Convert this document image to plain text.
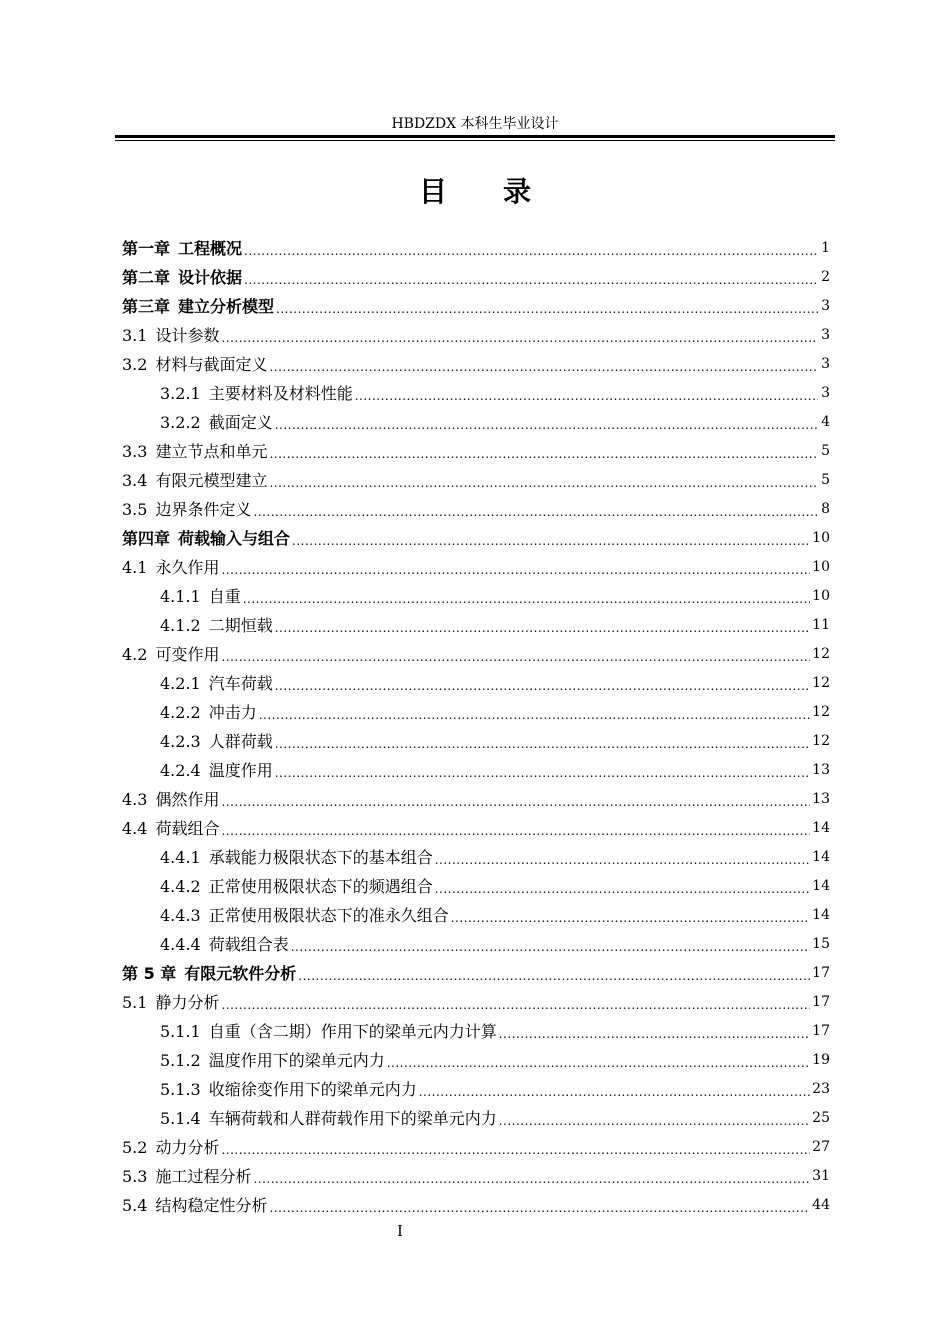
HBDZDX 本科生毕业设计
目 录
第一章 工程概况 .....	1
第二章 设计依据 .....	2
第三章 建立分析模型 .....	3
3.1 设计参数 .....	3
3.2 材料与截面定义 .....	3
3.2.1 主要材料及材料性能 .....	3
3.2.2 截面定义 .....	4
3.3 建立节点和单元 .....	5
3.4 有限元模型建立 .....	5
3.5 边界条件定义 .....	8
第四章 荷载输入与组合 .....	10
4.1 永久作用 .....	10
4.1.1 自重 .....	10
4.1.2 二期恒载 .....	11
4.2 可变作用 .....	12
4.2.1 汽车荷载 .....	12
4.2.2 冲击力 .....	12
4.2.3 人群荷载 .....	12
4.2.4 温度作用 .....	13
4.3 偶然作用 .....	13
4.4 荷载组合 .....	14
4.4.1 承载能力极限状态下的基本组合 .....	14
4.4.2 正常使用极限状态下的频遇组合 .....	14
4.4.3 正常使用极限状态下的准永久组合 .....	14
4.4.4 荷载组合表 .....	15
第 5 章 有限元软件分析 .....	17
5.1 静力分析 .....	17
5.1.1 自重（含二期）作用下的梁单元内力计算 .....	17
5.1.2 温度作用下的梁单元内力 .....	19
5.1.3 收缩徐变作用下的梁单元内力 .....	23
5.1.4 车辆荷载和人群荷载作用下的梁单元内力 .....	25
5.2 动力分析 .....	27
5.3 施工过程分析 .....	31
5.4 结构稳定性分析 .....	44
I
